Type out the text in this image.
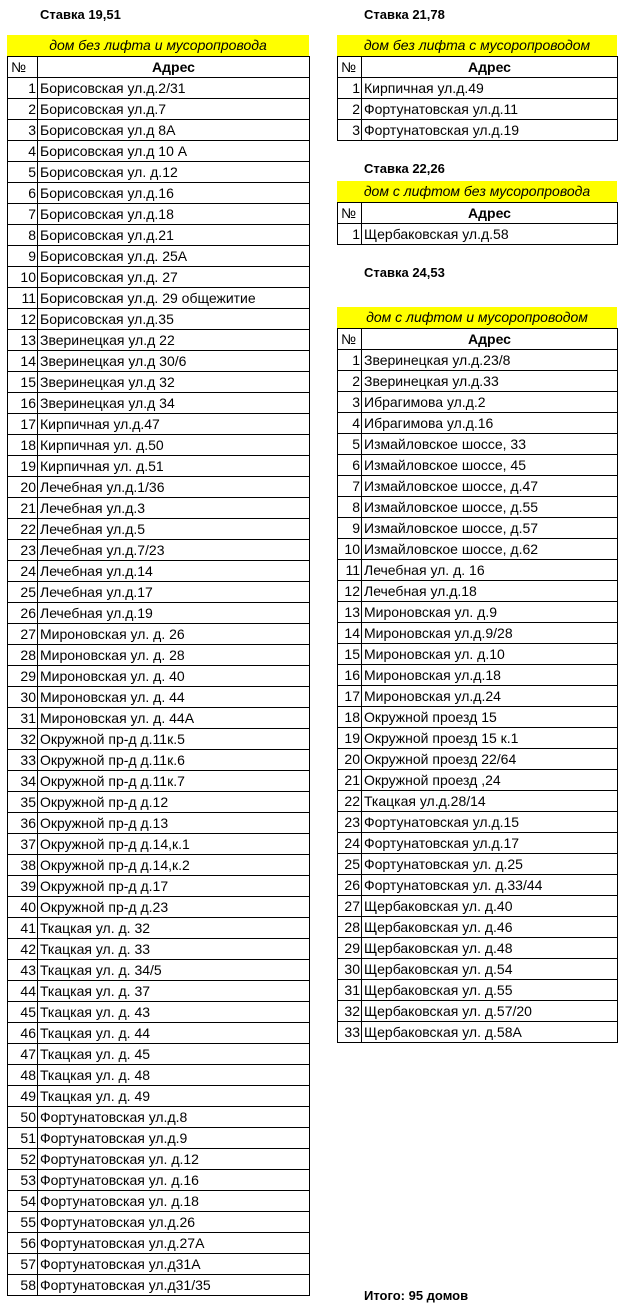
Ставка 19,51
дом без лифта и мусоропровода
№	Адрес
1	Борисовская ул.д.2/31
2	Борисовская ул.д.7
3	Борисовская ул.д 8А
4	Борисовская ул.д 10 А
5	Борисовская ул. д.12
6	Борисовская ул.д.16
7	Борисовская ул.д.18
8	Борисовская ул.д.21
9	Борисовская ул.д. 25А
10	Борисовская ул.д. 27
11	Борисовская ул.д. 29 общежитие
12	Борисовская ул.д.35
13	Зверинецкая ул.д 22
14	Зверинецкая ул.д 30/6
15	Зверинецкая ул.д 32
16	Зверинецкая ул.д 34
17	Кирпичная ул.д.47
18	Кирпичная ул. д.50
19	Кирпичная ул. д.51
20	Лечебная ул.д.1/36
21	Лечебная ул.д.3
22	Лечебная ул.д.5
23	Лечебная ул.д.7/23
24	Лечебная ул.д.14
25	Лечебная ул.д.17
26	Лечебная ул.д.19
27	Мироновская ул. д. 26
28	Мироновская ул. д. 28
29	Мироновская ул. д. 40
30	Мироновская ул. д. 44
31	Мироновская ул. д. 44А
32	Окружной пр-д д.11к.5
33	Окружной пр-д д.11к.6
34	Окружной пр-д д.11к.7
35	Окружной пр-д д.12
36	Окружной пр-д д.13
37	Окружной пр-д д.14,к.1
38	Окружной пр-д д.14,к.2
39	Окружной пр-д д.17
40	Окружной пр-д д.23
41	Ткацкая ул. д. 32
42	Ткацкая ул. д. 33
43	Ткацкая ул. д. 34/5
44	Ткацкая ул. д. 37
45	Ткацкая ул. д. 43
46	Ткацкая ул. д. 44
47	Ткацкая ул. д. 45
48	Ткацкая ул. д. 48
49	Ткацкая ул. д. 49
50	Фортунатовская ул.д.8
51	Фортунатовская ул.д.9
52	Фортунатовская ул. д.12
53	Фортунатовская ул. д.16
54	Фортунатовская ул. д.18
55	Фортунатовская ул.д.26
56	Фортунатовская ул.д.27А
57	Фортунатовская ул.д31А
58	Фортунатовская ул.д31/35
Ставка 21,78
дом без лифта с мусоропроводом
№	Адрес
1	Кирпичная ул.д.49
2	Фортунатовская ул.д.11
3	Фортунатовская ул.д.19
Ставка 22,26
дом с лифтом без мусоропровода
№	Адрес
1	Щербаковская ул.д.58
Ставка 24,53
дом с лифтом и мусоропроводом
№	Адрес
1	Зверинецкая ул.д.23/8
2	Зверинецкая ул.д.33
3	Ибрагимова ул.д.2
4	Ибрагимова ул.д.16
5	Измайловское шоссе, 33
6	Измайловское шоссе, 45
7	Измайловское шоссе, д.47
8	Измайловское шоссе, д.55
9	Измайловское шоссе, д.57
10	Измайловское шоссе, д.62
11	Лечебная ул. д. 16
12	Лечебная ул.д.18
13	Мироновская ул. д.9
14	Мироновская ул.д.9/28
15	Мироновская ул. д.10
16	Мироновская ул.д.18
17	Мироновская ул.д.24
18	Окружной проезд 15
19	Окружной проезд 15 к.1
20	Окружной проезд 22/64
21	Окружной проезд ,24
22	Ткацкая ул.д.28/14
23	Фортунатовская ул.д.15
24	Фортунатовская ул.д.17
25	Фортунатовская ул. д.25
26	Фортунатовская ул. д.33/44
27	Щербаковская ул. д.40
28	Щербаковская ул. д.46
29	Щербаковская ул. д.48
30	Щербаковская ул. д.54
31	Щербаковская ул. д.55
32	Щербаковская ул. д.57/20
33	Щербаковская ул. д.58А
Итого: 95 домов
